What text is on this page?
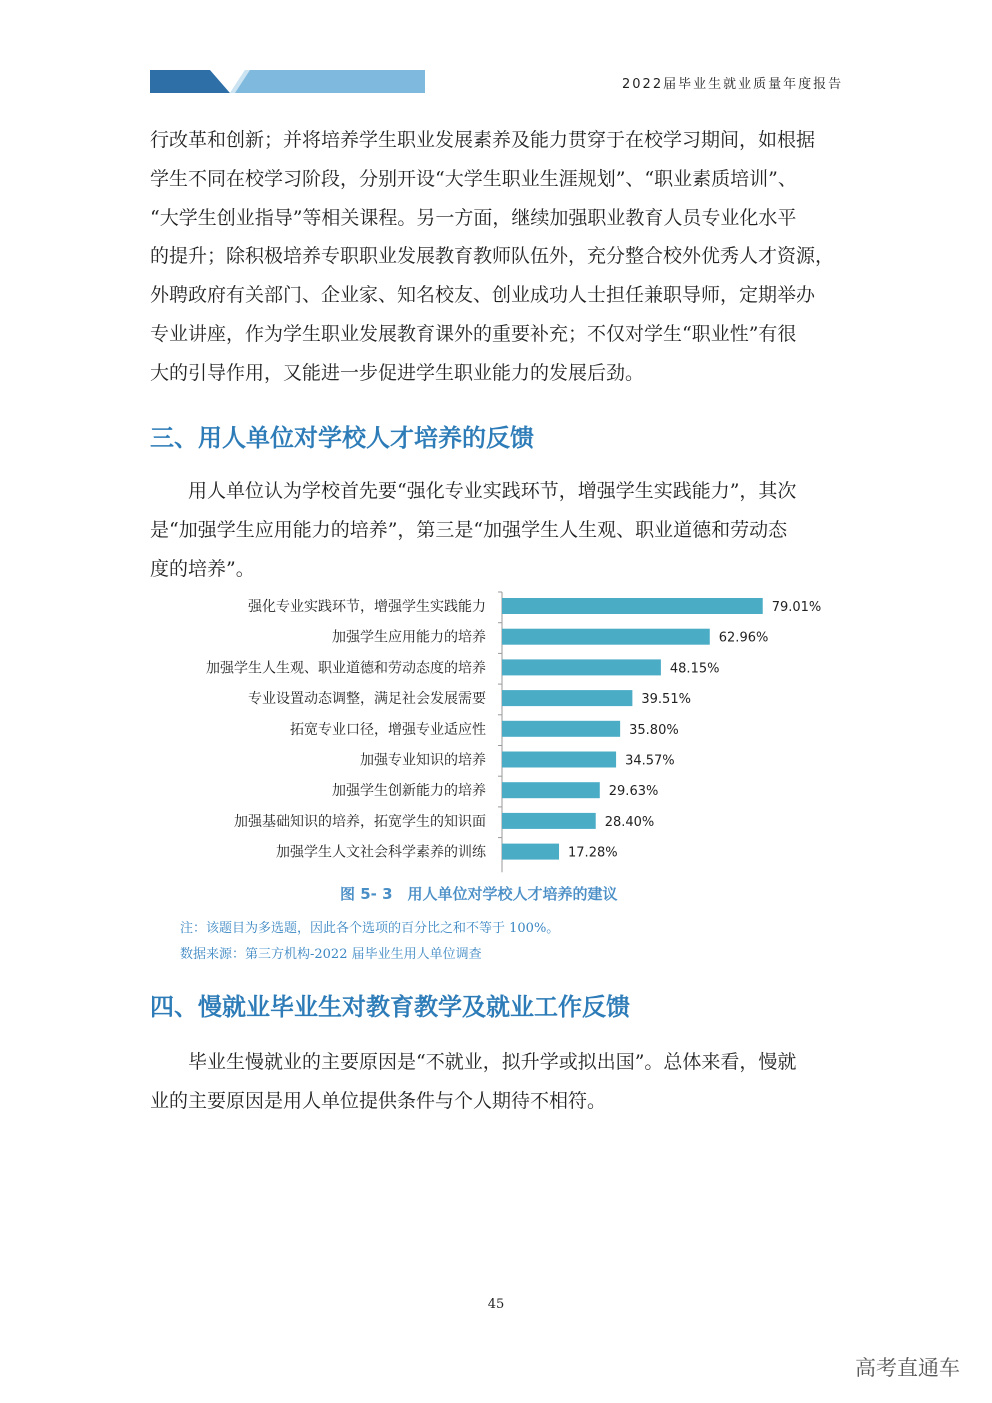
2022届毕业生就业质量年度报告
行改革和创新；并将培养学生职业发展素养及能力贯穿于在校学习期间，如根据
学生不同在校学习阶段，分别开设“大学生职业生涯规划”、“职业素质培训”、
“大学生创业指导”等相关课程。另一方面，继续加强职业教育人员专业化水平
的提升；除积极培养专职职业发展教育教师队伍外，充分整合校外优秀人才资源，
外聘政府有关部门、企业家、知名校友、创业成功人士担任兼职导师，定期举办
专业讲座，作为学生职业发展教育课外的重要补充；不仅对学生“职业性”有很
大的引导作用，又能进一步促进学生职业能力的发展后劲。
三、用人单位对学校人才培养的反馈
用人单位认为学校首先要“强化专业实践环节，增强学生实践能力”，其次
是“加强学生应用能力的培养”，第三是“加强学生人生观、职业道德和劳动态
度的培养”。
强化专业实践环节，增强学生实践能力	79.01%
加强学生应用能力的培养	62.96%
加强学生人生观、职业道德和劳动态度的培养	48.15%
专业设置动态调整，满足社会发展需要	39.51%
拓宽专业口径，增强专业适应性	35.80%
加强专业知识的培养	34.57%
加强学生创新能力的培养	29.63%
加强基础知识的培养，拓宽学生的知识面	28.40%
加强学生人文社会科学素养的训练	17.28%
图 5- 3　用人单位对学校人才培养的建议
注：该题目为多选题，因此各个选项的百分比之和不等于 100%。
数据来源：第三方机构-2022 届毕业生用人单位调查
四、慢就业毕业生对教育教学及就业工作反馈
毕业生慢就业的主要原因是“不就业，拟升学或拟出国”。总体来看，慢就
业的主要原因是用人单位提供条件与个人期待不相符。
45
高考直通车
